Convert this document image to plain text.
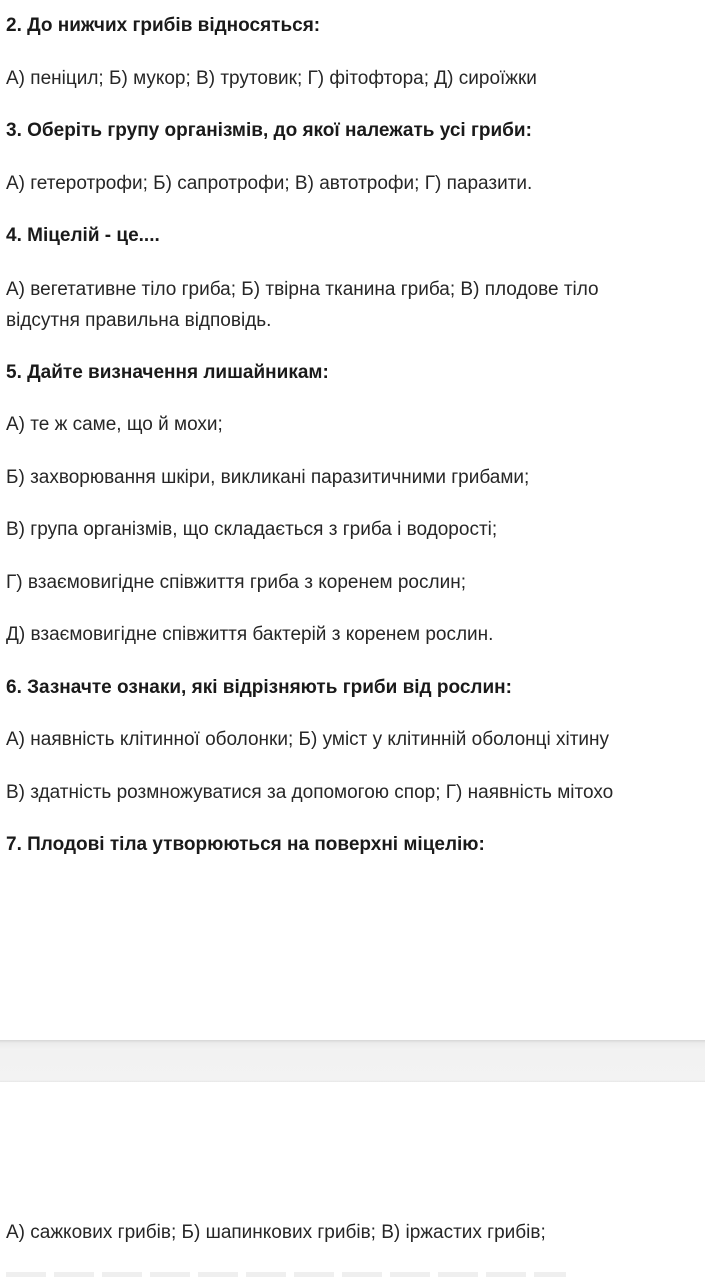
2. До нижчих грибів відносяться:
А) пеніцил; Б) мукор; В) трутовик; Г) фітофтора; Д) сироїжки
3. Оберіть групу організмів, до якої належать усі гриби:
А) гетеротрофи; Б) сапротрофи; В) автотрофи; Г) паразити.
4. Міцелій - це....
А) вегетативне тіло гриба; Б) твірна тканина гриба; В) плодове тіло
відсутня правильна відповідь.
5. Дайте визначення лишайникам:
А) те ж саме, що й мохи;
Б) захворювання шкіри, викликані паразитичними грибами;
В) група організмів, що складається з гриба і водорості;
Г) взаємовигідне співжиття гриба з коренем рослин;
Д) взаємовигідне співжиття бактерій з коренем рослин.
6. Зазначте ознаки, які відрізняють гриби від рослин:
А) наявність клітинної оболонки; Б) уміст у клітинній оболонці хітину
В) здатність розмножуватися за допомогою спор; Г) наявність мітохо
7. Плодові тіла утворюються на поверхні міцелію:
А) сажкових грибів; Б) шапинкових грибів; В) іржастих грибів;
